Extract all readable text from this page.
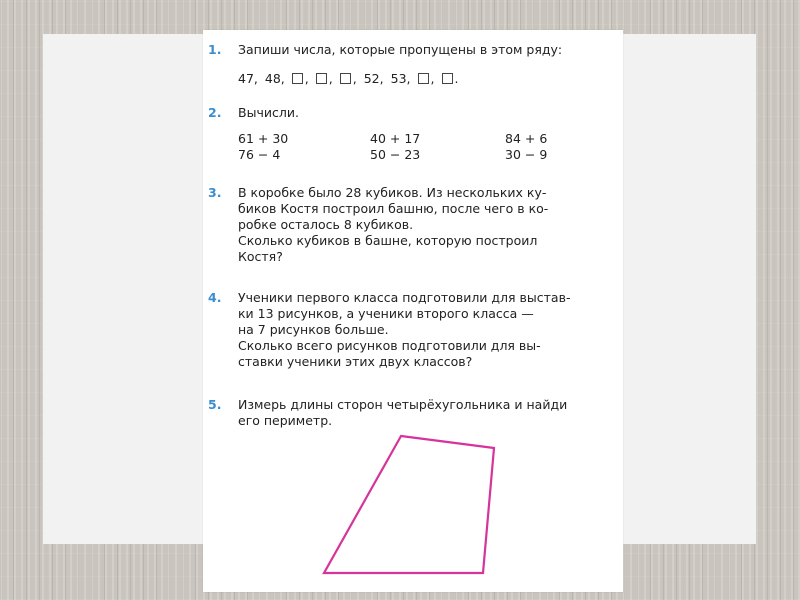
1. Запиши числа, которые пропущены в этом ряду:
47, 48, , , , 52, 53, , .
2. Вычисли.
61 + 30
76 − 4
40 + 17
50 − 23
84 + 6
30 − 9
3. В коробке было 28 кубиков. Из нескольких ку-
биков Костя построил башню, после чего в ко-
робке осталось 8 кубиков.
Сколько кубиков в башне, которую построил
Костя?
4. Ученики первого класса подготовили для выстав-
ки 13 рисунков, а ученики второго класса —
на 7 рисунков больше.
Сколько всего рисунков подготовили для вы-
ставки ученики этих двух классов?
5. Измерь длины сторон четырёхугольника и найди
его периметр.
